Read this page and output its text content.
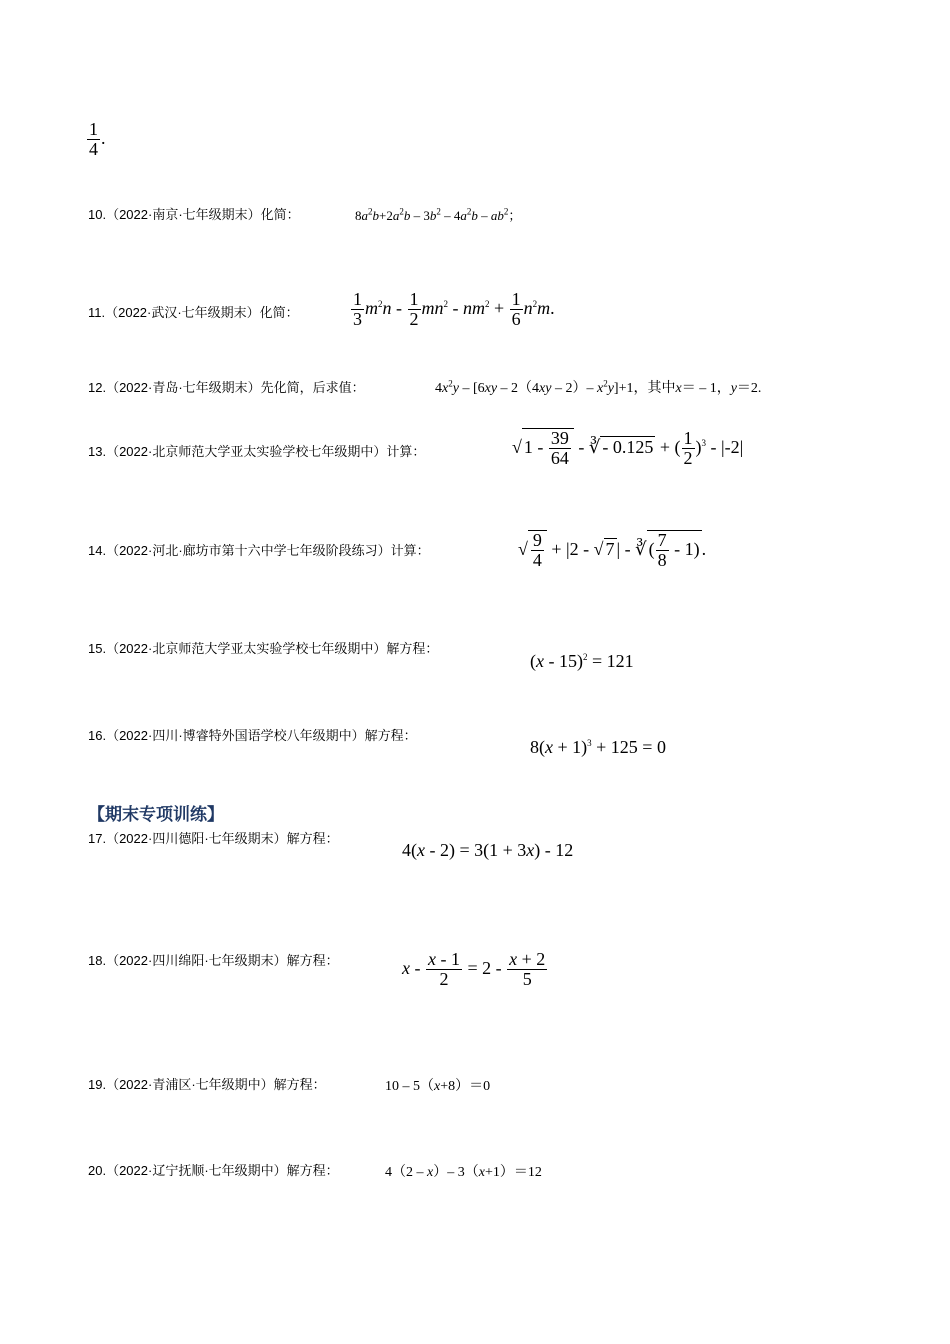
$\frac{1}{4}$ .
10.（2022·南京·七年级期末）化简：	$8a^2b+2a^2b - 3b^2 - 4a^2b - ab^2$；
11.（2022·武汉·七年级期末）化简：	$\frac{1}{3} m^2n - \frac{1}{2} mn^2 - nm^2 + \frac{1}{6} n^2m$.
12.（2022·青岛·七年级期末）先化简，后求值：	$4x^2y - [6xy - 2(4xy - 2)-$ $x^2y]+1$，其中x＝ – 1，y＝2.
13.（2022·北京师范大学亚太实验学校七年级期中）计算：	√ $1 - \frac{39}{64}$ - ∛ - 0.125 + ( $\frac{1}{2} )^3 - |-2|$
14.（2022·河北·廊坊市第十六中学七年级阶段练习）计算：	√ $\frac{9}{4} + |2$ - √ 7 | - ∛ ( $\frac{7}{8} - 1$) .
15.（2022·北京师范大学亚太实验学校七年级期中）解方程：
(x - 15)$^2$ = 121
16.（2022·四川·博睿特外国语学校八年级期中）解方程：
$8(x + 1)^3 + 125 = 0$
【期末专项训练】
17.（2022·四川德阳·七年级期末）解方程：
4(x - 2) = 3(1 + 3x) - 12
18.（2022·四川绵阳·七年级期末）解方程：	$x - \frac{x - 1}{2} = 2 - \frac{x + 2}{5}$
19.（2022·青浦区·七年级期中）解方程：	10 – 5（x+8）＝0
20.（2022·辽宁抚顺·七年级期中）解方程：	4（2 – x）– 3（x+1）＝12
